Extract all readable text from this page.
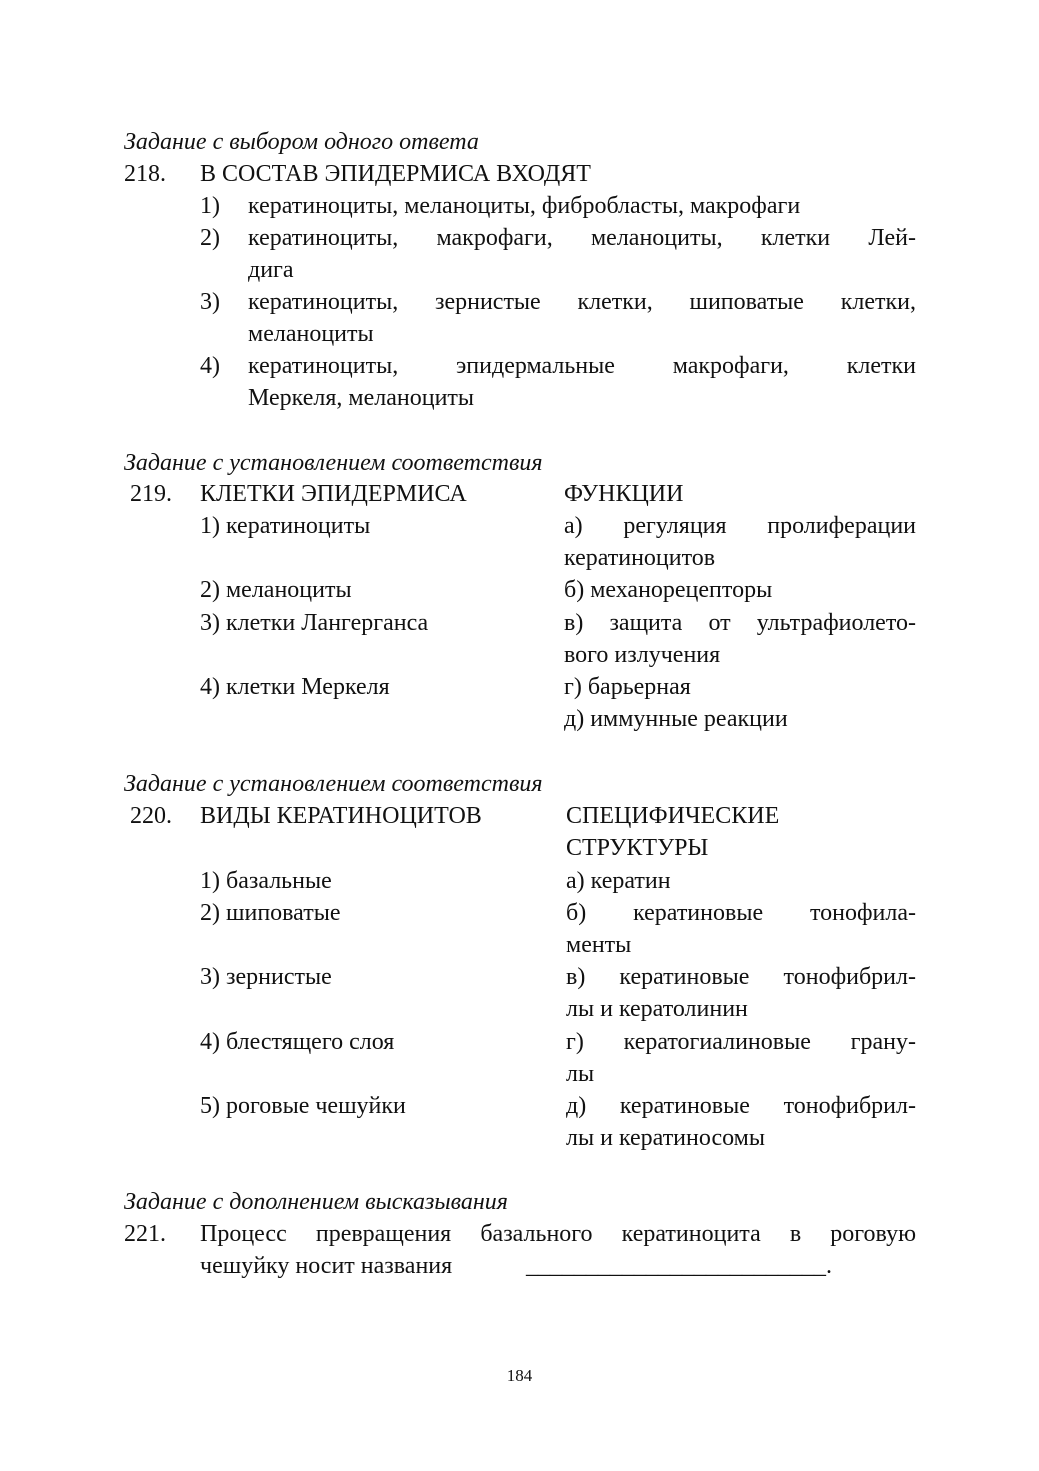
Задание с выбором одного ответа
218. В СОСТАВ ЭПИДЕРМИСА ВХОДЯТ
1) кератиноциты, меланоциты, фибробласты, макрофаги
2) кератиноциты, макрофаги, меланоциты, клетки Лей-
дига
3) кератиноциты, зернистые клетки, шиповатые клетки,
меланоциты
4) кератиноциты, эпидермальные макрофаги, клетки
Меркеля, меланоциты
Задание с установлением соответствия
219. КЛЕТКИ ЭПИДЕРМИСА	ФУНКЦИИ
1) кератиноциты	а) регуляция пролиферации
кератиноцитов
2) меланоциты	б) механорецепторы
3) клетки Лангерганса	в) защита от ультрафиолето-
вого излучения
4) клетки Меркеля	г) барьерная
д) иммунные реакции
Задание с установлением соответствия
220. ВИДЫ КЕРАТИНОЦИТОВ	СПЕЦИФИЧЕСКИЕ
СТРУКТУРЫ
1) базальные	а) кератин
2) шиповатые	б) кератиновые тонофила-
менты
3) зернистые	в) кератиновые тонофибрил-
лы и кератолинин
4) блестящего слоя	г) кератогиалиновые грану-
лы
5) роговые чешуйки	д) кератиновые тонофибрил-
лы и кератиносомы
Задание с дополнением высказывания
221. Процесс превращения базального кератиноцита в роговую
чешуйку носит названия	_________________________.
184
